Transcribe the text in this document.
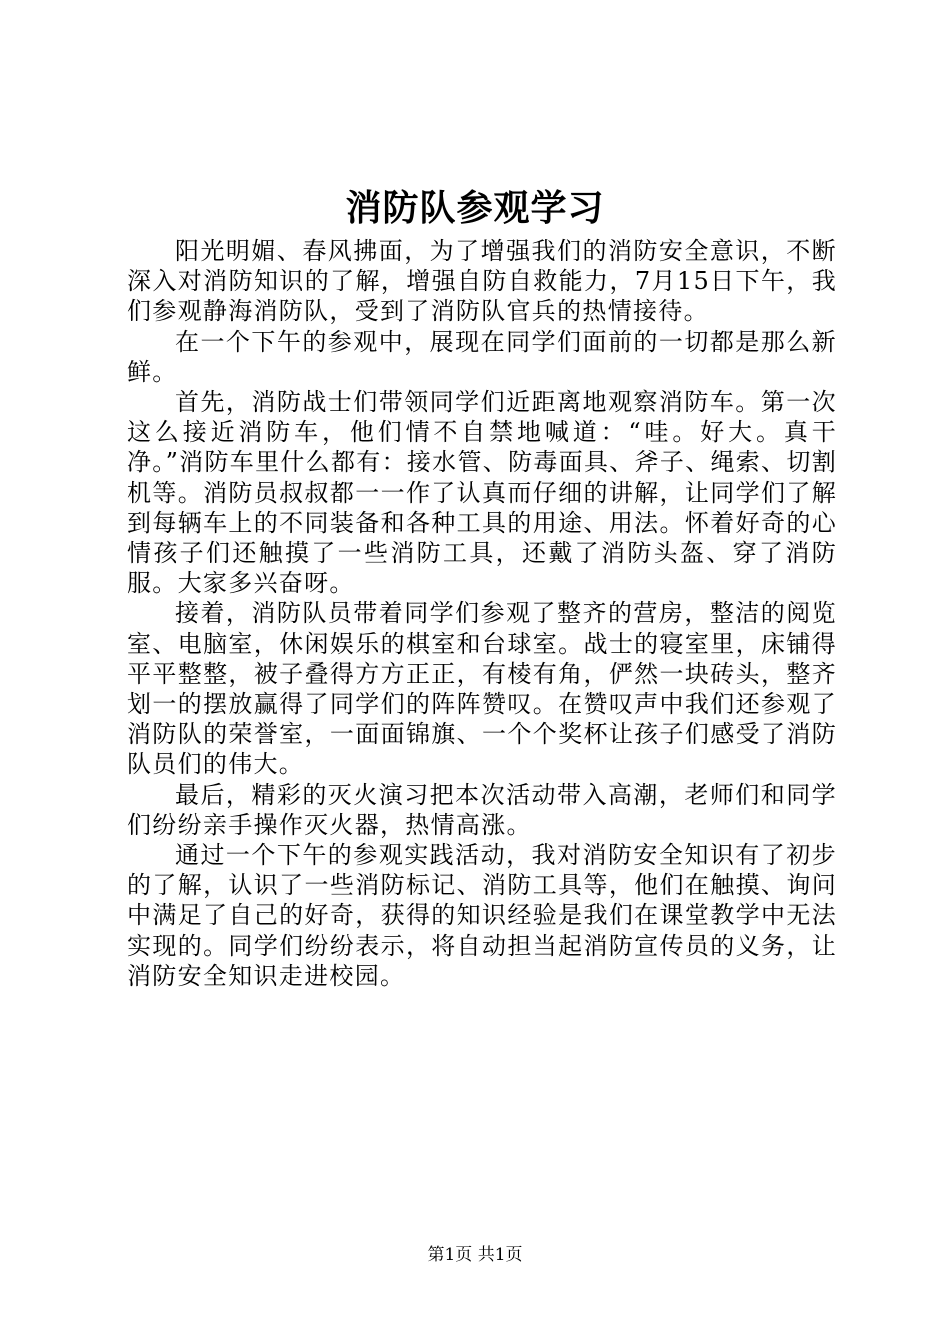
消防队参观学习

阳光明媚、春风拂面，为了增强我们的消防安全意识，不断深入对消防知识的了解，增强自防自救能力，7月15日下午，我们参观静海消防队，受到了消防队官兵的热情接待。

在一个下午的参观中，展现在同学们面前的一切都是那么新鲜。

首先，消防战士们带领同学们近距离地观察消防车。第一次这么接近消防车，他们情不自禁地喊道：“哇。好大。真干净。”消防车里什么都有：接水管、防毒面具、斧子、绳索、切割机等。消防员叔叔都一一作了认真而仔细的讲解，让同学们了解到每辆车上的不同装备和各种工具的用途、用法。怀着好奇的心情孩子们还触摸了一些消防工具，还戴了消防头盔、穿了消防服。大家多兴奋呀。

接着，消防队员带着同学们参观了整齐的营房，整洁的阅览室、电脑室，休闲娱乐的棋室和台球室。战士的寝室里，床铺得平平整整，被子叠得方方正正，有棱有角，俨然一块砖头，整齐划一的摆放赢得了同学们的阵阵赞叹。在赞叹声中我们还参观了消防队的荣誉室，一面面锦旗、一个个奖杯让孩子们感受了消防队员们的伟大。

最后，精彩的灭火演习把本次活动带入高潮，老师们和同学们纷纷亲手操作灭火器，热情高涨。

通过一个下午的参观实践活动，我对消防安全知识有了初步的了解，认识了一些消防标记、消防工具等，他们在触摸、询问中满足了自己的好奇，获得的知识经验是我们在课堂教学中无法实现的。同学们纷纷表示，将自动担当起消防宣传员的义务，让消防安全知识走进校园。

第1页 共1页
